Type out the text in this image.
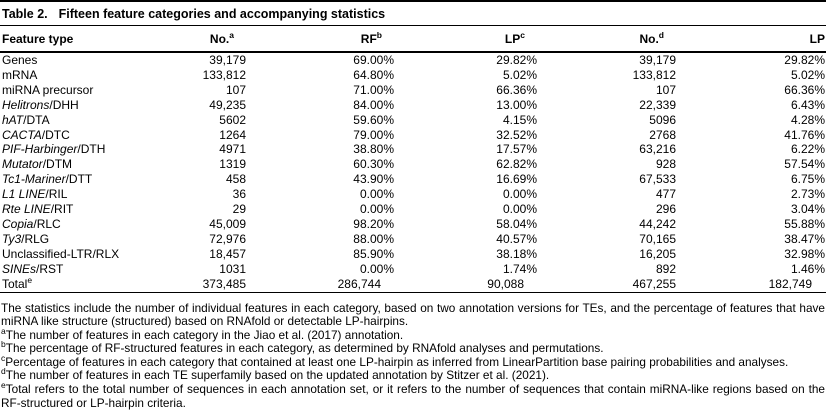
Table 2. Fifteen feature categories and accompanying statistics
Feature type	No.$^a$	$RF^b$	$LP^c$	No.$^d$	LP
Genes	39,179	69.00%	29.82%	39,179	29.82%
mRNA	133,812	64.80%	5.02%	133,812	5.02%
miRNA precursor	107	71.00%	66.36%	107	66.36%
Helitrons/DHH	49,235	84.00%	13.00%	22,339	6.43%
hAT/DTA	5602	59.60%	4.15%	5096	4.28%
CACTA/DTC	1264	79.00%	32.52%	2768	41.76%
PIF-Harbinger/DTH	4971	38.80%	17.57%	63,216	6.22%
Mutator/DTM	1319	60.30%	62.82%	928	57.54%
Tc1-Mariner/DTT	458	43.90%	16.69%	67,533	6.75%
L1 LINE/RIL	36	0.00%	0.00%	477	2.73%
Rte LINE/RIT	29	0.00%	0.00%	296	3.04%
Copia/RLC	45,009	98.20%	58.04%	44,242	55.88%
Ty3/RLG	72,976	88.00%	40.57%	70,165	38.47%
Unclassified-LTR/RLX	18,457	85.90%	38.18%	16,205	32.98%
SINEs/RST	1031	0.00%	1.74%	892	1.46%
Total$^e$	373,485	286,744	90,088	467,255	182,749

The statistics include the number of individual features in each category, based on two annotation versions for TEs, and the percentage of features that have miRNA like structure (structured) based on RNAfold or detectable LP-hairpins.

$^a$The number of features in each category in the Jiao et al. (2017) annotation.

$^b$The percentage of RF-structured features in each category, as determined by RNAfold analyses and permutations.

$^c$Percentage of features in each category that contained at least one LP-hairpin as inferred from LinearPartition base pairing probabilities and analyses.

$^d$The number of features in each TE superfamily based on the updated annotation by Stitzer et al. (2021).

$^e$Total refers to the total number of sequences in each annotation set, or it refers to the number of sequences that contain miRNA-like regions based on the RF-structured or LP-hairpin criteria.
